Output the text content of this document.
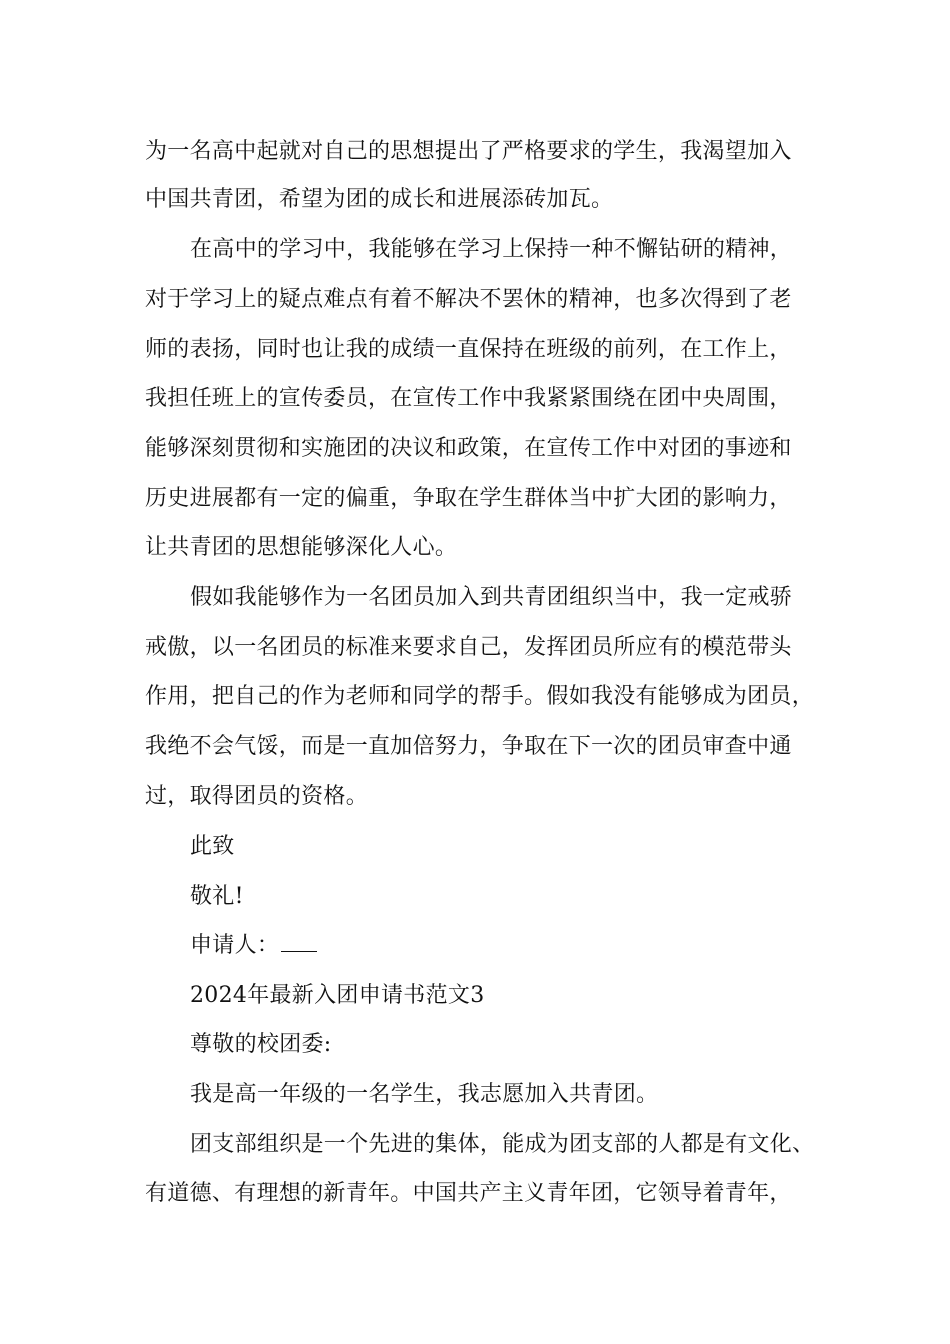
为一名高中起就对自己的思想提出了严格要求的学生，我渴望加入
中国共青团，希望为团的成长和进展添砖加瓦。
在高中的学习中，我能够在学习上保持一种不懈钻研的精神，
对于学习上的疑点难点有着不解决不罢休的精神，也多次得到了老
师的表扬，同时也让我的成绩一直保持在班级的前列，在工作上，
我担任班上的宣传委员，在宣传工作中我紧紧围绕在团中央周围，
能够深刻贯彻和实施团的决议和政策，在宣传工作中对团的事迹和
历史进展都有一定的偏重，争取在学生群体当中扩大团的影响力，
让共青团的思想能够深化人心。
假如我能够作为一名团员加入到共青团组织当中，我一定戒骄
戒傲，以一名团员的标准来要求自己，发挥团员所应有的模范带头
作用，把自己的作为老师和同学的帮手。假如我没有能够成为团员，
我绝不会气馁，而是一直加倍努力，争取在下一次的团员审查中通
过，取得团员的资格。
此致
敬礼!
申请人：
2024年最新入团申请书范文3
尊敬的校团委:
我是高一年级的一名学生，我志愿加入共青团。
团支部组织是一个先进的集体，能成为团支部的人都是有文化、
有道德、有理想的新青年。中国共产主义青年团，它领导着青年，
